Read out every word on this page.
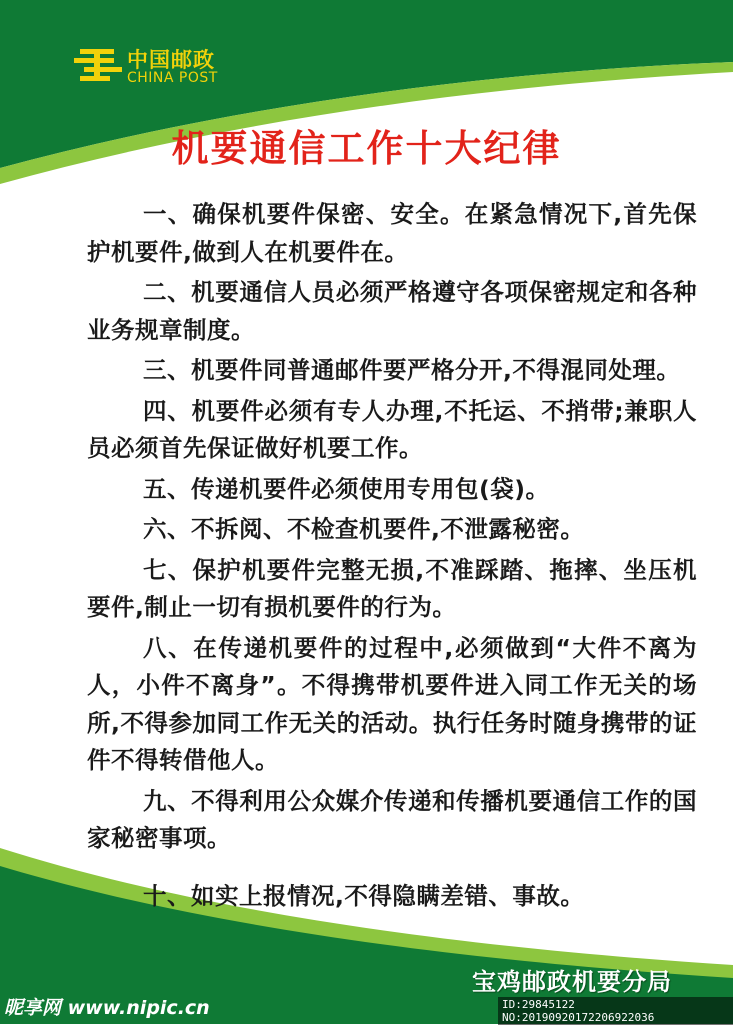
中国邮政
CHINA POST
机要通信工作十大纪律

一、确保机要件保密、安全。在紧急情况下,首先保护机要件,做到人在机要件在。

二、机要通信人员必须严格遵守各项保密规定和各种业务规章制度。

三、机要件同普通邮件要严格分开,不得混同处理。

四、机要件必须有专人办理,不托运、不捎带;兼职人员必须首先保证做好机要工作。

五、传递机要件必须使用专用包(袋)。

六、不拆阅、不检查机要件,不泄露秘密。

七、保护机要件完整无损,不准踩踏、拖摔、坐压机要件,制止一切有损机要件的行为。

八、在传递机要件的过程中,必须做到“大件不离为人，小件不离身”。不得携带机要件进入同工作无关的场所,不得参加同工作无关的活动。执行任务时随身携带的证件不得转借他人。

九、不得利用公众媒介传递和传播机要通信工作的国家秘密事项。

十、如实上报情况,不得隐瞒差错、事故。

宝鸡邮政机要分局
昵享网 www.nipic.cn	ID:29845122 NO:20190920172206922036
